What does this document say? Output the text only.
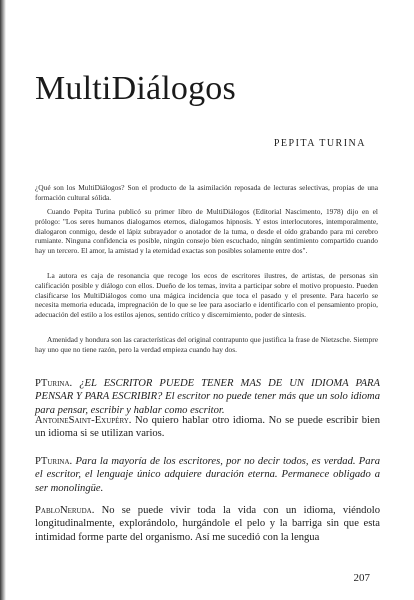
MultiDiálogos
PEPITA TURINA

¿Qué son los MultiDiálogos? Son el producto de la asimilación reposada de lecturas selectivas, propias de una formación cultural sólida.

Cuando Pepita Turina publicó su primer libro de MultiDiálogos (Editorial Nascimento, 1978) dijo en el prólogo: "Los seres humanos dialogamos eternos, dialogamos hipnosis. Y estos interlocutores, intemporalmente, dialogaron conmigo, desde el lápiz subrayador o anotador de la tuma, o desde el oído grabando para mi cerebro rumiante. Ninguna confidencia es posible, ningún consejo bien escuchado, ningún sentimiento compartido cuando hay un tercero. El amor, la amistad y la eternidad exactas son posibles solamente entre dos".

La autora es caja de resonancia que recoge los ecos de escritores ilustres, de artistas, de personas sin calificación posible y diálogo con ellos. Dueño de los temas, invita a participar sobre el motivo propuesto. Pueden clasificarse los MultiDiálogos como una mágica incidencia que toca el pasado y el presente. Para hacerlo se necesita memoria educada, impregnación de lo que se lee para asociarlo e identificarlo con el pensamiento propio, adecuación del estilo a los estilos ajenos, sentido crítico y discernimiento, poder de síntesis.

Amenidad y hondura son las características del original contrapunto que justifica la frase de Nietzsche. Siempre hay uno que no tiene razón, pero la verdad empieza cuando hay dos.

PTurina. ¿EL ESCRITOR PUEDE TENER MAS DE UN IDIOMA PARA PENSAR Y PARA ESCRIBIR? El escritor no puede tener más que un solo idioma para pensar, escribir y hablar como escritor.

AntoineSaint-Exupéry. No quiero hablar otro idioma. No se puede escribir bien un idioma si se utilizan varios.

PTurina. Para la mayoría de los escritores, por no decir todos, es verdad. Para el escritor, el lenguaje único adquiere duración eterna. Permanece obligado a ser monolingüe.

PabloNeruda. No se puede vivir toda la vida con un idioma, viéndolo longitudinalmente, explorándolo, hurgándole el pelo y la barriga sin que esta intimidad forme parte del organismo. Así me sucedió con la lengua

207
